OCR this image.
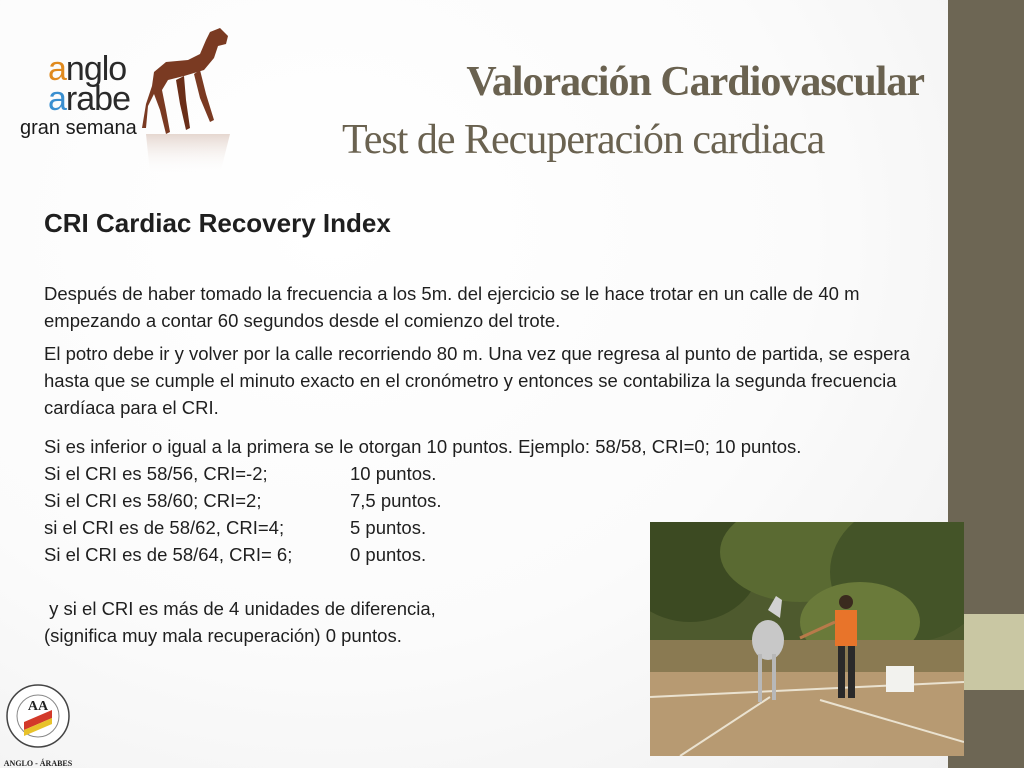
anglo
arabe
gran semana
Valoración Cardiovascular
Test de Recuperación cardiaca
CRI Cardiac Recovery Index

Después de haber tomado la frecuencia a los 5m. del ejercicio se le hace trotar en un calle de 40 m empezando a contar 60 segundos desde el comienzo del trote.

El potro debe ir y volver por la calle recorriendo 80 m. Una vez que regresa al punto de partida, se espera hasta que se cumple el minuto exacto en el cronómetro y entonces se contabiliza la segunda frecuencia cardíaca para el CRI.

Si es inferior o igual a la primera se le otorgan 10 puntos. Ejemplo: 58/58, CRI=0; 10 puntos.
Si el CRI es 58/56, CRI=-2;	10 puntos.
Si el CRI es 58/60; CRI=2;	7,5 puntos.
si el CRI es de 58/62, CRI=4;	5 puntos.
Si el CRI es de 58/64, CRI= 6;	0 puntos.
y si el CRI es más de 4 unidades de diferencia,
(significa muy mala recuperación) 0 puntos.
AA
ANGLO - ÁRABES
